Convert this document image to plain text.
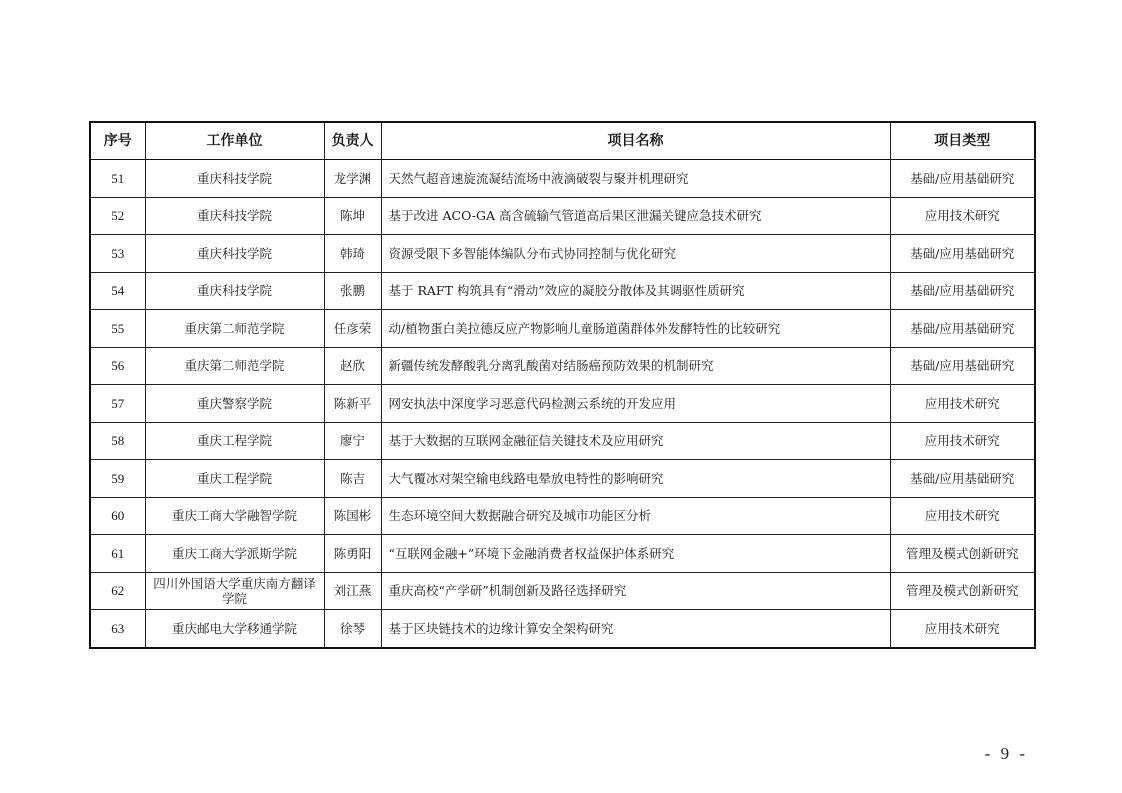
序号	工作单位	负责人	项目名称	项目类型
51	重庆科技学院	龙学渊	天然气超音速旋流凝结流场中液滴破裂与聚并机理研究	基础/应用基础研究
52	重庆科技学院	陈坤	基于改进 ACO-GA 高含硫输气管道高后果区泄漏关键应急技术研究	应用技术研究
53	重庆科技学院	韩琦	资源受限下多智能体编队分布式协同控制与优化研究	基础/应用基础研究
54	重庆科技学院	张鹏	基于 RAFT 构筑具有“滑动”效应的凝胶分散体及其调驱性质研究	基础/应用基础研究
55	重庆第二师范学院	任彦荣	动/植物蛋白美拉德反应产物影响儿童肠道菌群体外发酵特性的比较研究	基础/应用基础研究
56	重庆第二师范学院	赵欣	新疆传统发酵酸乳分离乳酸菌对结肠癌预防效果的机制研究	基础/应用基础研究
57	重庆警察学院	陈新平	网安执法中深度学习恶意代码检测云系统的开发应用	应用技术研究
58	重庆工程学院	廖宁	基于大数据的互联网金融征信关键技术及应用研究	应用技术研究
59	重庆工程学院	陈吉	大气覆冰对架空输电线路电晕放电特性的影响研究	基础/应用基础研究
60	重庆工商大学融智学院	陈国彬	生态环境空间大数据融合研究及城市功能区分析	应用技术研究
61	重庆工商大学派斯学院	陈勇阳	“互联网金融+”环境下金融消费者权益保护体系研究	管理及模式创新研究
62	四川外国语大学重庆南方翻译学院	刘江燕	重庆高校“产学研”机制创新及路径选择研究	管理及模式创新研究
63	重庆邮电大学移通学院	徐琴	基于区块链技术的边缘计算安全架构研究	应用技术研究
- 9 -
